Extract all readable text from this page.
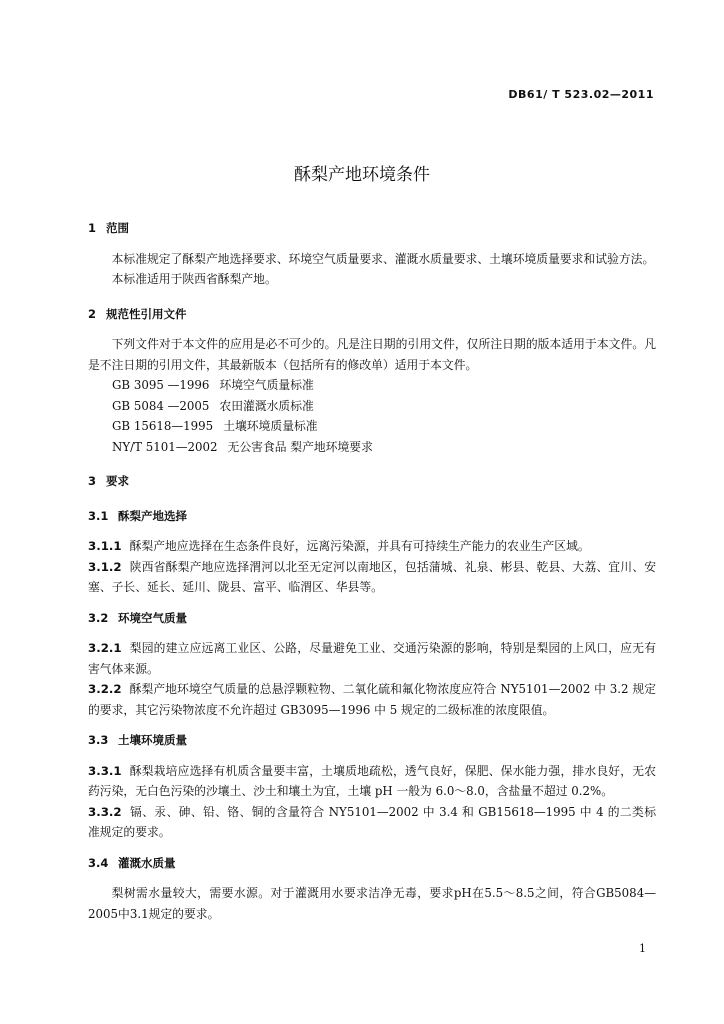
DB61/ T 523.02—2011
酥梨产地环境条件
1 范围

本标准规定了酥梨产地选择要求、环境空气质量要求、灌溉水质量要求、土壤环境质量要求和试验方法。

本标准适用于陕西省酥梨产地。

2 规范性引用文件

下列文件对于本文件的应用是必不可少的。凡是注日期的引用文件，仅所注日期的版本适用于本文件。凡是不注日期的引用文件，其最新版本（包括所有的修改单）适用于本文件。

GB 3095 —1996 环境空气质量标准
GB 5084 —2005 农田灌溉水质标准
GB 15618—1995 土壤环境质量标准
NY/T 5101—2002 无公害食品 梨产地环境要求
3 要求
3.1 酥梨产地选择

3.1.1 酥梨产地应选择在生态条件良好，远离污染源，并具有可持续生产能力的农业生产区域。

3.1.2 陕西省酥梨产地应选择渭河以北至无定河以南地区，包括蒲城、礼泉、彬县、乾县、大荔、宜川、安塞、子长、延长、延川、陇县、富平、临渭区、华县等。

3.2 环境空气质量

3.2.1 梨园的建立应远离工业区、公路，尽量避免工业、交通污染源的影响，特别是梨园的上风口，应无有害气体来源。

3.2.2 酥梨产地环境空气质量的总悬浮颗粒物、二氧化硫和氟化物浓度应符合 NY5101—2002 中 3.2 规定的要求，其它污染物浓度不允许超过 GB3095—1996 中 5 规定的二级标准的浓度限值。

3.3 土壤环境质量

3.3.1 酥梨栽培应选择有机质含量要丰富，土壤质地疏松，透气良好，保肥、保水能力强，排水良好，无农药污染，无白色污染的沙壤土、沙土和壤土为宜，土壤 pH 一般为 6.0～8.0，含盐量不超过 0.2%。

3.3.2 镉、汞、砷、铅、铬、铜的含量符合 NY5101—2002 中 3.4 和 GB15618—1995 中 4 的二类标准规定的要求。

3.4 灌溉水质量

梨树需水量较大，需要水源。对于灌溉用水要求洁净无毒，要求pH在5.5～8.5之间，符合GB5084—2005中3.1规定的要求。

1
